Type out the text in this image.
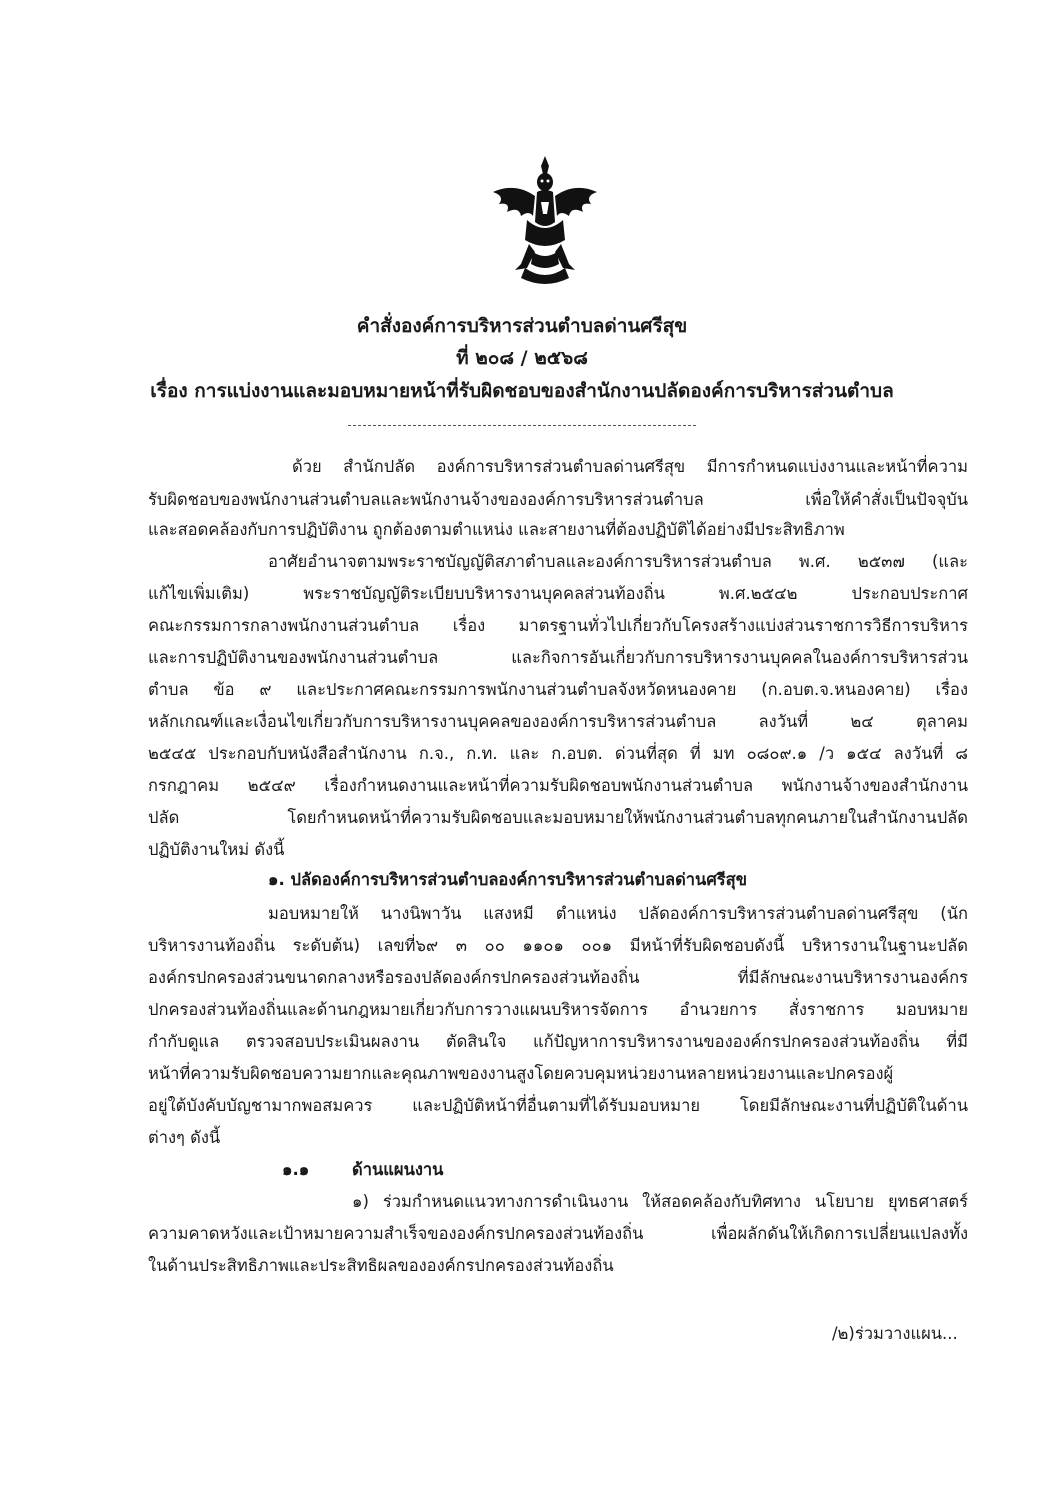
คำสั่งองค์การบริหารส่วนตำบลด่านศรีสุข
ที่ ๒๐๘ / ๒๕๖๘
เรื่อง การแบ่งงานและมอบหมายหน้าที่รับผิดชอบของสำนักงานปลัดองค์การบริหารส่วนตำบล
ด้วย สำนักปลัด องค์การบริหารส่วนตำบลด่านศรีสุข มีการกำหนดแบ่งงานและหน้าที่ความ
รับผิดชอบของพนักงานส่วนตำบลและพนักงานจ้างขององค์การบริหารส่วนตำบล เพื่อให้คำสั่งเป็นปัจจุบัน
และสอดคล้องกับการปฏิบัติงาน ถูกต้องตามตำแหน่ง และสายงานที่ต้องปฏิบัติได้อย่างมีประสิทธิภาพ
อาศัยอำนาจตามพระราชบัญญัติสภาตำบลและองค์การบริหารส่วนตำบล พ.ศ. ๒๕๓๗ (และ
แก้ไขเพิ่มเติม) พระราชบัญญัติระเบียบบริหารงานบุคคลส่วนท้องถิ่น พ.ศ.๒๕๔๒ ประกอบประกาศ
คณะกรรมการกลางพนักงานส่วนตำบล เรื่อง มาตรฐานทั่วไปเกี่ยวกับโครงสร้างแบ่งส่วนราชการวิธีการบริหาร
และการปฏิบัติงานของพนักงานส่วนตำบล และกิจการอันเกี่ยวกับการบริหารงานบุคคลในองค์การบริหารส่วน
ตำบล ข้อ ๙ และประกาศคณะกรรมการพนักงานส่วนตำบลจังหวัดหนองคาย (ก.อบต.จ.หนองคาย) เรื่อง
หลักเกณฑ์และเงื่อนไขเกี่ยวกับการบริหารงานบุคคลขององค์การบริหารส่วนตำบล ลงวันที่ ๒๔ ตุลาคม
๒๕๔๕ ประกอบกับหนังสือสำนักงาน ก.จ., ก.ท. และ ก.อบต. ด่วนที่สุด ที่ มท ๐๘๐๙.๑ /ว ๑๕๔ ลงวันที่ ๘
กรกฎาคม ๒๕๔๙ เรื่องกำหนดงานและหน้าที่ความรับผิดชอบพนักงานส่วนตำบล พนักงานจ้างของสำนักงาน
ปลัด โดยกำหนดหน้าที่ความรับผิดชอบและมอบหมายให้พนักงานส่วนตำบลทุกคนภายในสำนักงานปลัด
ปฏิบัติงานใหม่ ดังนี้
๑. ปลัดองค์การบริหารส่วนตำบลองค์การบริหารส่วนตำบลด่านศรีสุข
มอบหมายให้ นางนิพาวัน แสงหมี ตำแหน่ง ปลัดองค์การบริหารส่วนตำบลด่านศรีสุข (นัก
บริหารงานท้องถิ่น ระดับต้น) เลขที่๖๙ ๓ ๐๐ ๑๑๐๑ ๐๐๑ มีหน้าที่รับผิดชอบดังนี้ บริหารงานในฐานะปลัด
องค์กรปกครองส่วนขนาดกลางหรือรองปลัดองค์กรปกครองส่วนท้องถิ่น ที่มีลักษณะงานบริหารงานองค์กร
ปกครองส่วนท้องถิ่นและด้านกฎหมายเกี่ยวกับการวางแผนบริหารจัดการ อำนวยการ สั่งราชการ มอบหมาย
กำกับดูแล ตรวจสอบประเมินผลงาน ตัดสินใจ แก้ปัญหาการบริหารงานขององค์กรปกครองส่วนท้องถิ่น ที่มี
หน้าที่ความรับผิดชอบความยากและคุณภาพของงานสูงโดยควบคุมหน่วยงานหลายหน่วยงานและปกครองผู้
อยู่ใต้บังคับบัญชามากพอสมควร และปฏิบัติหน้าที่อื่นตามที่ได้รับมอบหมาย โดยมีลักษณะงานที่ปฏิบัติในด้าน
ต่างๆ ดังนี้
๑.๑	ด้านแผนงาน
๑) ร่วมกำหนดแนวทางการดำเนินงาน ให้สอดคล้องกับทิศทาง นโยบาย ยุทธศาสตร์
ความคาดหวังและเป้าหมายความสำเร็จขององค์กรปกครองส่วนท้องถิ่น เพื่อผลักดันให้เกิดการเปลี่ยนแปลงทั้ง
ในด้านประสิทธิภาพและประสิทธิผลขององค์กรปกครองส่วนท้องถิ่น
/๒)ร่วมวางแผน...
